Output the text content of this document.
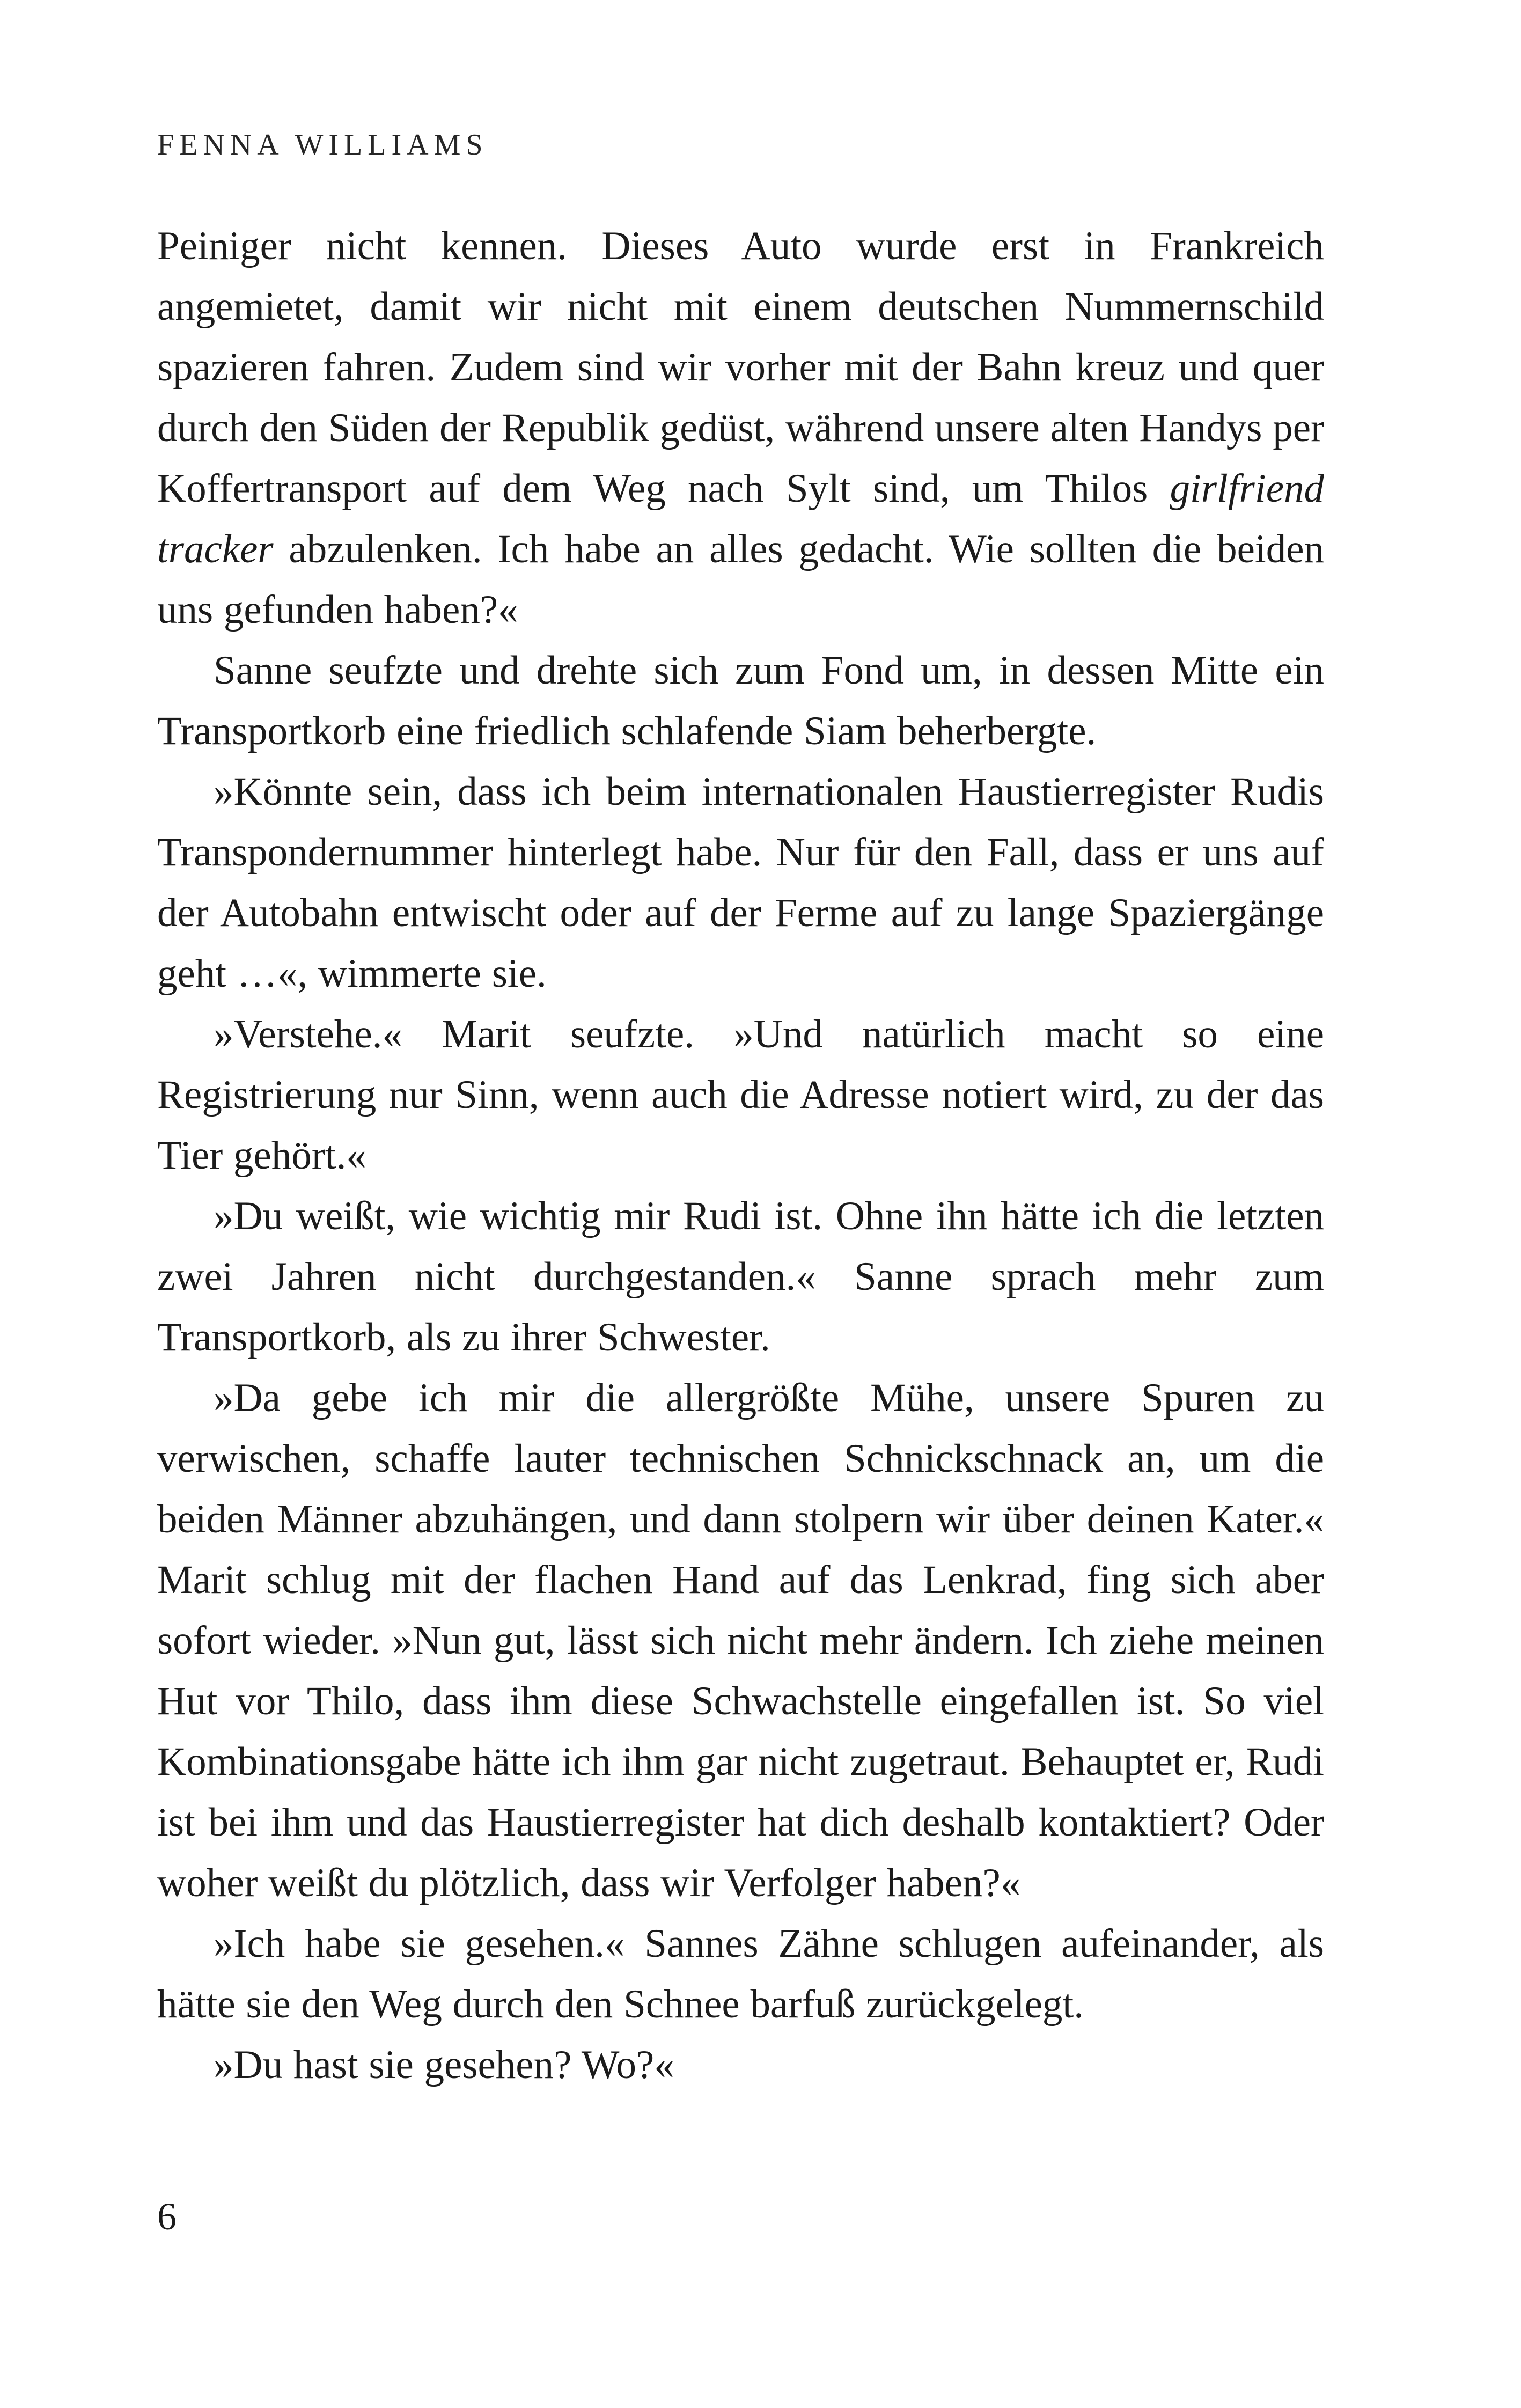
FENNA WILLIAMS

Peiniger nicht kennen. Dieses Auto wurde erst in Frankreich angemietet, damit wir nicht mit einem deutschen Nummernschild spazieren fahren. Zudem sind wir vorher mit der Bahn kreuz und quer durch den Süden der Republik gedüst, während unsere alten Handys per Koffertransport auf dem Weg nach Sylt sind, um Thilos girlfriend tracker abzulenken. Ich habe an alles gedacht. Wie sollten die beiden uns gefunden haben?«

Sanne seufzte und drehte sich zum Fond um, in dessen Mitte ein Transportkorb eine friedlich schlafende Siam beherbergte.

»Könnte sein, dass ich beim internationalen Haustierregister Rudis Transpondernummer hinterlegt habe. Nur für den Fall, dass er uns auf der Autobahn entwischt oder auf der Ferme auf zu lange Spaziergänge geht …«, wimmerte sie.

»Verstehe.« Marit seufzte. »Und natürlich macht so eine Registrierung nur Sinn, wenn auch die Adresse notiert wird, zu der das Tier gehört.«

»Du weißt, wie wichtig mir Rudi ist. Ohne ihn hätte ich die letzten zwei Jahren nicht durchgestanden.« Sanne sprach mehr zum Transportkorb, als zu ihrer Schwester.

»Da gebe ich mir die allergrößte Mühe, unsere Spuren zu verwischen, schaffe lauter technischen Schnickschnack an, um die beiden Männer abzuhängen, und dann stolpern wir über deinen Kater.« Marit schlug mit der flachen Hand auf das Lenkrad, fing sich aber sofort wieder. »Nun gut, lässt sich nicht mehr ändern. Ich ziehe meinen Hut vor Thilo, dass ihm diese Schwachstelle eingefallen ist. So viel Kombinationsgabe hätte ich ihm gar nicht zugetraut. Behauptet er, Rudi ist bei ihm und das Haustierregister hat dich deshalb kontaktiert? Oder woher weißt du plötzlich, dass wir Verfolger haben?«

»Ich habe sie gesehen.« Sannes Zähne schlugen aufeinander, als hätte sie den Weg durch den Schnee barfuß zurückgelegt.

»Du hast sie gesehen? Wo?«

6
